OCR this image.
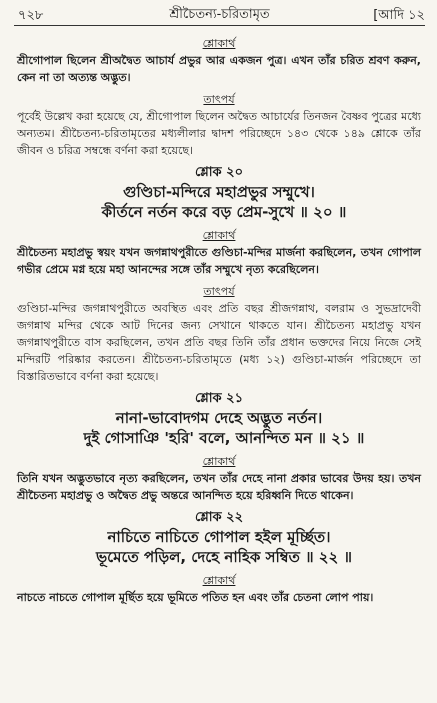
৭২৮	শ্রীচৈতন্য-চরিতামৃত	[আদি ১২
শ্লোকার্থ

শ্রীগোপাল ছিলেন শ্রীঅদ্বৈত আচার্য প্রভুর আর একজন পুত্র। এখন তাঁর চরিত শ্রবণ করুন, কেন না তা অত্যন্ত অদ্ভুত।

তাৎপর্য

পূর্বেই উল্লেখ করা হয়েছে যে, শ্রীগোপাল ছিলেন অদ্বৈত আচার্যের তিনজন বৈষ্ণব পুত্রের মধ্যে অন্যতম। শ্রীচৈতন্য-চরিতামৃতের মধ্যলীলার দ্বাদশ পরিচ্ছেদে ১৪৩ থেকে ১৪৯ শ্লোকে তাঁর জীবন ও চরিত্র সম্বন্ধে বর্ণনা করা হয়েছে।

শ্লোক ২০
গুণ্ডিচা-মন্দিরে মহাপ্রভুর সম্মুখে।
কীর্তনে নর্তন করে বড় প্রেম-সুখে ॥ ২০ ॥
শ্লোকার্থ

শ্রীচৈতন্য মহাপ্রভু স্বয়ং যখন জগন্নাথপুরীতে গুণ্ডিচা-মন্দির মার্জনা করছিলেন, তখন গোপাল গভীর প্রেমে মগ্ন হয়ে মহা আনন্দের সঙ্গে তাঁর সম্মুখে নৃত্য করেছিলেন।

তাৎপর্য

গুণ্ডিচা-মন্দির জগন্নাথপুরীতে অবস্থিত এবং প্রতি বছর শ্রীজগন্নাথ, বলরাম ও সুভদ্রাদেবী জগন্নাথ মন্দির থেকে আট দিনের জন্য সেখানে থাকতে যান। শ্রীচৈতন্য মহাপ্রভু যখন জগন্নাথপুরীতে বাস করছিলেন, তখন প্রতি বছর তিনি তাঁর প্রধান ভক্তদের নিয়ে নিজে সেই মন্দিরটি পরিষ্কার করতেন। শ্রীচৈতন্য-চরিতামৃতে (মধ্য ১২) গুণ্ডিচা-মার্জন পরিচ্ছেদে তা বিস্তারিতভাবে বর্ণনা করা হয়েছে।

শ্লোক ২১
নানা-ভাবোদগম দেহে অদ্ভুত নর্তন।
দুই গোসাঞি 'হরি' বলে, আনন্দিত মন ॥ ২১ ॥
শ্লোকার্থ

তিনি যখন অদ্ভুতভাবে নৃত্য করছিলেন, তখন তাঁর দেহে নানা প্রকার ভাবের উদয় হয়। তখন শ্রীচৈতন্য মহাপ্রভু ও অদ্বৈত প্রভু অন্তরে আনন্দিত হয়ে হরিধ্বনি দিতে থাকেন।

শ্লোক ২২
নাচিতে নাচিতে গোপাল হইল মূর্চ্ছিত।
ভূমেতে পড়িল, দেহে নাহিক সম্বিত ॥ ২২ ॥
শ্লোকার্থ

নাচতে নাচতে গোপাল মূর্ছিত হয়ে ভূমিতে পতিত হন এবং তাঁর চেতনা লোপ পায়।
